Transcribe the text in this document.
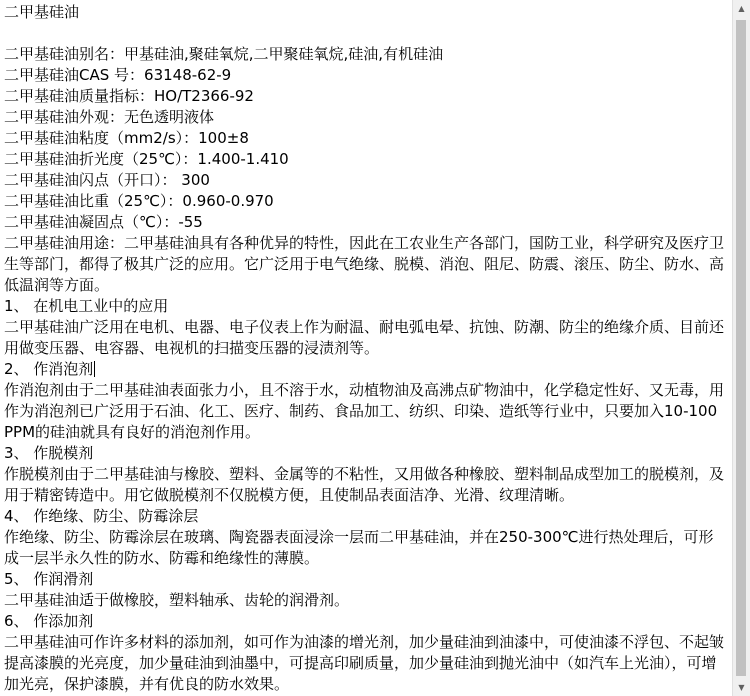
二甲基硅油
二甲基硅油别名：甲基硅油,聚硅氧烷,二甲聚硅氧烷,硅油,有机硅油
二甲基硅油CAS 号：63148-62-9
二甲基硅油质量指标：HO/T2366-92
二甲基硅油外观：无色透明液体
二甲基硅油粘度（mm2/s）：100±8
二甲基硅油折光度（25℃）：1.400-1.410
二甲基硅油闪点（开口）： 300
二甲基硅油比重（25℃）：0.960-0.970
二甲基硅油凝固点（℃）：-55
二甲基硅油用途：二甲基硅油具有各种优异的特性，因此在工农业生产各部门，国防工业，科学研究及医疗卫生等部门，都得了极其广泛的应用。它广泛用于电气绝缘、脱模、消泡、阻尼、防震、滚压、防尘、防水、高低温润等方面。
1、 在机电工业中的应用
二甲基硅油广泛用在电机、电器、电子仪表上作为耐温、耐电弧电晕、抗蚀、防潮、防尘的绝缘介质、目前还用做变压器、电容器、电视机的扫描变压器的浸渍剂等。
2、 作消泡剂
作消泡剂由于二甲基硅油表面张力小，且不溶于水，动植物油及高沸点矿物油中，化学稳定性好、又无毒，用作为消泡剂已广泛用于石油、化工、医疗、制药、食品加工、纺织、印染、造纸等行业中，只要加入10-100PPM的硅油就具有良好的消泡剂作用。
3、 作脱模剂
作脱模剂由于二甲基硅油与橡胶、塑料、金属等的不粘性，又用做各种橡胶、塑料制品成型加工的脱模剂，及用于精密铸造中。用它做脱模剂不仅脱模方便，且使制品表面洁净、光滑、纹理清晰。
4、 作绝缘、防尘、防霉涂层
作绝缘、防尘、防霉涂层在玻璃、陶瓷器表面浸涂一层而二甲基硅油，并在250-300℃进行热处理后，可形成一层半永久性的防水、防霉和绝缘性的薄膜。
5、 作润滑剂
二甲基硅油适于做橡胶，塑料轴承、齿轮的润滑剂。
6、 作添加剂
二甲基硅油可作许多材料的添加剂，如可作为油漆的增光剂，加少量硅油到油漆中，可使油漆不浮包、不起皱提高漆膜的光亮度，加少量硅油到油墨中，可提高印刷质量，加少量硅油到抛光油中（如汽车上光油），可增加光亮，保护漆膜，并有优良的防水效果。
▲
▼
